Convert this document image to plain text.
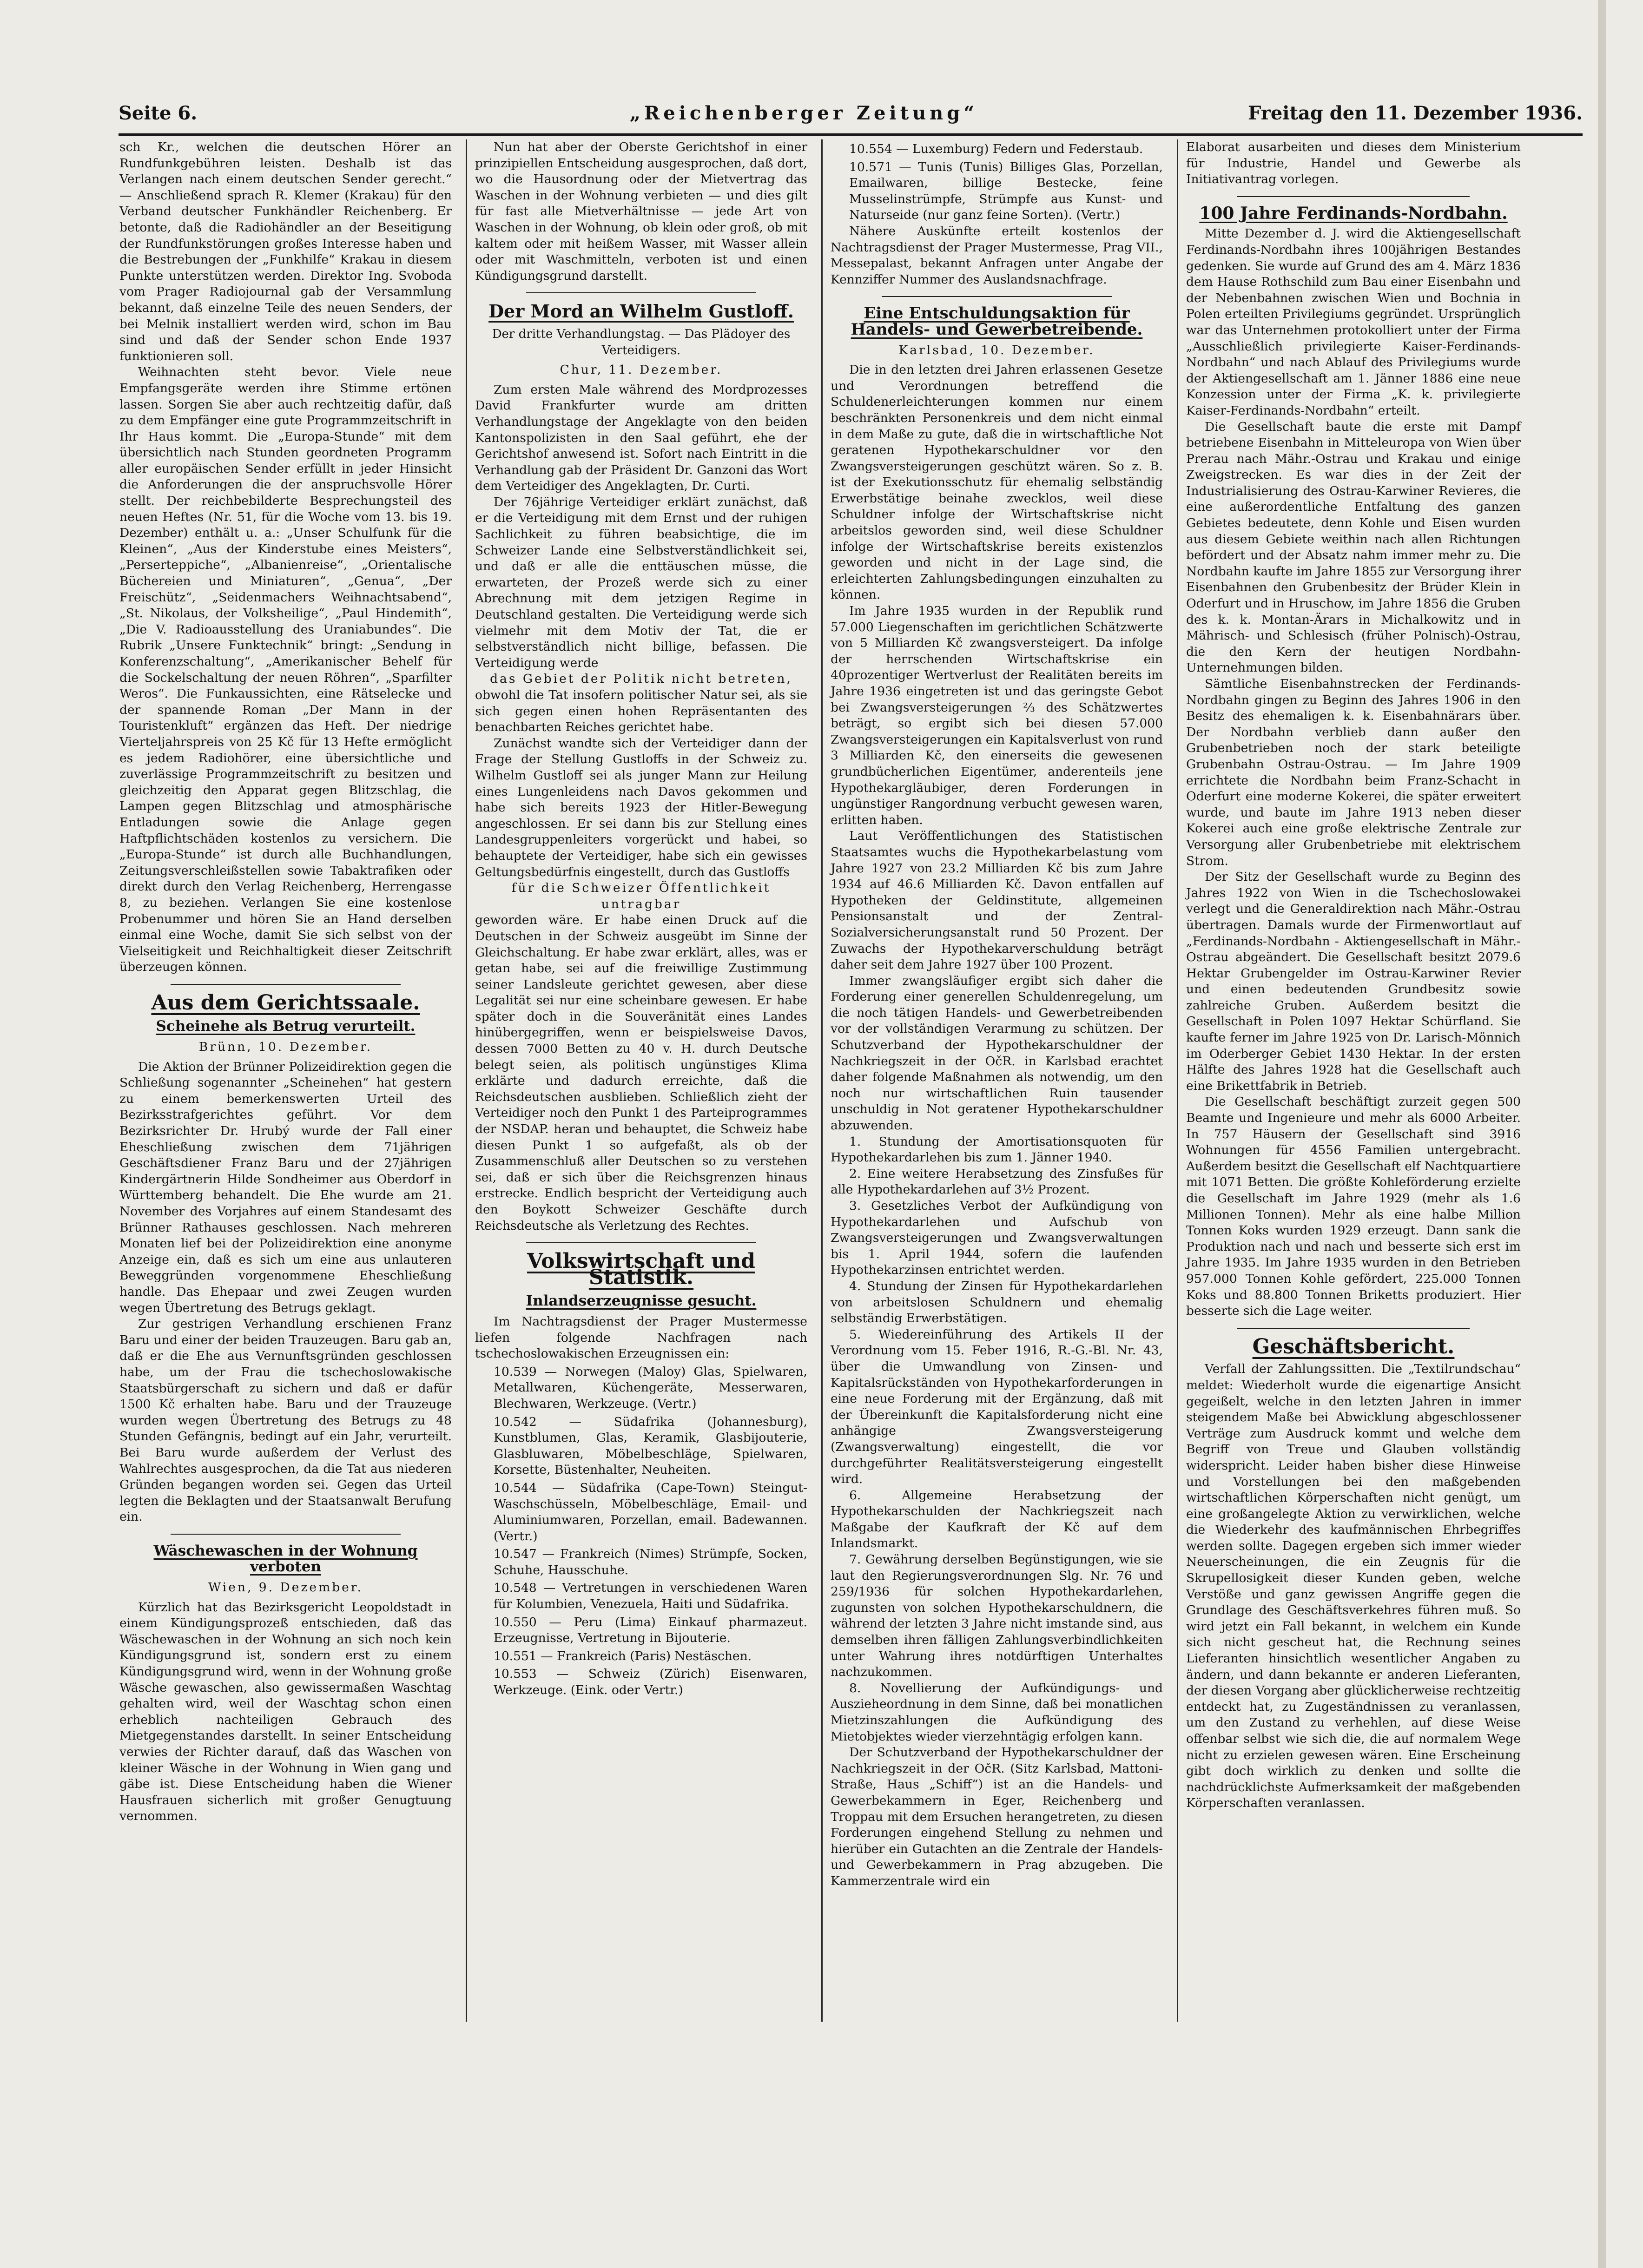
Seite 6.	„Reichenberger Zeitung“	Freitag den 11. Dezember 1936.

sch Kr., welchen die deutschen Hörer an Rundfunkgebühren leisten. Deshalb ist das Verlangen nach einem deutschen Sender gerecht.“ — Anschließend sprach R. Klemer (Krakau) für den Verband deutscher Funkhändler Reichenberg. Er betonte, daß die Radiohändler an der Beseitigung der Rundfunkstörungen großes Interesse haben und die Bestrebungen der „Funkhilfe“ Krakau in diesem Punkte unterstützen werden. Direktor Ing. Svoboda vom Prager Radiojournal gab der Versammlung bekannt, daß einzelne Teile des neuen Senders, der bei Melnik installiert werden wird, schon im Bau sind und daß der Sender schon Ende 1937 funktionieren soll.

Weihnachten steht bevor. Viele neue Empfangsgeräte werden ihre Stimme ertönen lassen. Sorgen Sie aber auch rechtzeitig dafür, daß zu dem Empfänger eine gute Programmzeitschrift in Ihr Haus kommt. Die „Europa-Stunde“ mit dem übersichtlich nach Stunden geordneten Programm aller europäischen Sender erfüllt in jeder Hinsicht die Anforderungen die der anspruchsvolle Hörer stellt. Der reichbebilderte Besprechungsteil des neuen Heftes (Nr. 51, für die Woche vom 13. bis 19. Dezember) enthält u. a.: „Unser Schulfunk für die Kleinen“, „Aus der Kinderstube eines Meisters“, „Perserteppiche“, „Albanienreise“, „Orientalische Büchereien und Miniaturen“, „Genua“, „Der Freischütz“, „Seidenmachers Weihnachtsabend“, „St. Nikolaus, der Volksheilige“, „Paul Hindemith“, „Die V. Radioausstellung des Uraniabundes“. Die Rubrik „Unsere Funktechnik“ bringt: „Sendung in Konferenzschaltung“, „Amerikanischer Behelf für die Sockelschaltung der neuen Röhren“, „Sparfilter Weros“. Die Funkaussichten, eine Rätselecke und der spannende Roman „Der Mann in der Touristenkluft“ ergänzen das Heft. Der niedrige Vierteljahrspreis von 25 Kč für 13 Hefte ermöglicht es jedem Radiohörer, eine übersichtliche und zuverlässige Programmzeitschrift zu besitzen und gleichzeitig den Apparat gegen Blitzschlag, die Lampen gegen Blitzschlag und atmosphärische Entladungen sowie die Anlage gegen Haftpflichtschäden kostenlos zu versichern. Die „Europa-Stunde“ ist durch alle Buchhandlungen, Zeitungsverschleißstellen sowie Tabaktrafiken oder direkt durch den Verlag Reichenberg, Herrengasse 8, zu beziehen. Verlangen Sie eine kostenlose Probenummer und hören Sie an Hand derselben einmal eine Woche, damit Sie sich selbst von der Vielseitigkeit und Reichhaltigkeit dieser Zeitschrift überzeugen können.

Aus dem Gerichtssaale.
Scheinehe als Betrug verurteilt.
Brünn, 10. Dezember.

Die Aktion der Brünner Polizeidirektion gegen die Schließung sogenannter „Scheinehen“ hat gestern zu einem bemerkenswerten Urteil des Bezirksstrafgerichtes geführt. Vor dem Bezirksrichter Dr. Hrubý wurde der Fall einer Eheschließung zwischen dem 71jährigen Geschäftsdiener Franz Baru und der 27jährigen Kindergärtnerin Hilde Sondheimer aus Oberdorf in Württemberg behandelt. Die Ehe wurde am 21. November des Vorjahres auf einem Standesamt des Brünner Rathauses geschlossen. Nach mehreren Monaten lief bei der Polizeidirektion eine anonyme Anzeige ein, daß es sich um eine aus unlauteren Beweggründen vorgenommene Eheschließung handle. Das Ehepaar und zwei Zeugen wurden wegen Übertretung des Betrugs geklagt.

Zur gestrigen Verhandlung erschienen Franz Baru und einer der beiden Trauzeugen. Baru gab an, daß er die Ehe aus Vernunftsgründen geschlossen habe, um der Frau die tschechoslowakische Staatsbürgerschaft zu sichern und daß er dafür 1500 Kč erhalten habe. Baru und der Trauzeuge wurden wegen Übertretung des Betrugs zu 48 Stunden Gefängnis, bedingt auf ein Jahr, verurteilt. Bei Baru wurde außerdem der Verlust des Wahlrechtes ausgesprochen, da die Tat aus niederen Gründen begangen worden sei. Gegen das Urteil legten die Beklagten und der Staatsanwalt Berufung ein.

Wäschewaschen in der Wohnung verboten
Wien, 9. Dezember.

Kürzlich hat das Bezirksgericht Leopoldstadt in einem Kündigungsprozeß entschieden, daß das Wäschewaschen in der Wohnung an sich noch kein Kündigungsgrund ist, sondern erst zu einem Kündigungsgrund wird, wenn in der Wohnung große Wäsche gewaschen, also gewissermaßen Waschtag gehalten wird, weil der Waschtag schon einen erheblich nachteiligen Gebrauch des Mietgegenstandes darstellt. In seiner Entscheidung verwies der Richter darauf, daß das Waschen von kleiner Wäsche in der Wohnung in Wien gang und gäbe ist. Diese Entscheidung haben die Wiener Hausfrauen sicherlich mit großer Genugtuung vernommen.

Nun hat aber der Oberste Gerichtshof in einer prinzipiellen Entscheidung ausgesprochen, daß dort, wo die Hausordnung oder der Mietvertrag das Waschen in der Wohnung verbieten — und dies gilt für fast alle Mietverhältnisse — jede Art von Waschen in der Wohnung, ob klein oder groß, ob mit kaltem oder mit heißem Wasser, mit Wasser allein oder mit Waschmitteln, verboten ist und einen Kündigungsgrund darstellt.

Der Mord an Wilhelm Gustloff.
Der dritte Verhandlungstag. — Das Plädoyer des Verteidigers.
Chur, 11. Dezember.

Zum ersten Male während des Mordprozesses David Frankfurter wurde am dritten Verhandlungstage der Angeklagte von den beiden Kantonspolizisten in den Saal geführt, ehe der Gerichtshof anwesend ist. Sofort nach Eintritt in die Verhandlung gab der Präsident Dr. Ganzoni das Wort dem Verteidiger des Angeklagten, Dr. Curti.

Der 76jährige Verteidiger erklärt zunächst, daß er die Verteidigung mit dem Ernst und der ruhigen Sachlichkeit zu führen beabsichtige, die im Schweizer Lande eine Selbstverständlichkeit sei, und daß er alle die enttäuschen müsse, die erwarteten, der Prozeß werde sich zu einer Abrechnung mit dem jetzigen Regime in Deutschland gestalten. Die Verteidigung werde sich vielmehr mit dem Motiv der Tat, die er selbstverständlich nicht billige, befassen. Die Verteidigung werde

das Gebiet der Politik nicht betreten,

obwohl die Tat insofern politischer Natur sei, als sie sich gegen einen hohen Repräsentanten des benachbarten Reiches gerichtet habe.

Zunächst wandte sich der Verteidiger dann der Frage der Stellung Gustloffs in der Schweiz zu. Wilhelm Gustloff sei als junger Mann zur Heilung eines Lungenleidens nach Davos gekommen und habe sich bereits 1923 der Hitler-Bewegung angeschlossen. Er sei dann bis zur Stellung eines Landesgruppenleiters vorgerückt und habei, so behauptete der Verteidiger, habe sich ein gewisses Geltungsbedürfnis eingestellt, durch das Gustloffs

für die Schweizer Öffentlichkeit untragbar

geworden wäre. Er habe einen Druck auf die Deutschen in der Schweiz ausgeübt im Sinne der Gleichschaltung. Er habe zwar erklärt, alles, was er getan habe, sei auf die freiwillige Zustimmung seiner Landsleute gerichtet gewesen, aber diese Legalität sei nur eine scheinbare gewesen. Er habe später doch in die Souveränität eines Landes hinübergegriffen, wenn er beispielsweise Davos, dessen 7000 Betten zu 40 v. H. durch Deutsche belegt seien, als politisch ungünstiges Klima erklärte und dadurch erreichte, daß die Reichsdeutschen ausblieben. Schließlich zieht der Verteidiger noch den Punkt 1 des Parteiprogrammes der NSDAP. heran und behauptet, die Schweiz habe diesen Punkt 1 so aufgefaßt, als ob der Zusammenschluß aller Deutschen so zu verstehen sei, daß er sich über die Reichsgrenzen hinaus erstrecke. Endlich bespricht der Verteidigung auch den Boykott Schweizer Geschäfte durch Reichsdeutsche als Verletzung des Rechtes.

Volkswirtschaft und Statistik.
Inlandserzeugnisse gesucht.

Im Nachtragsdienst der Prager Mustermesse liefen folgende Nachfragen nach tschechoslowakischen Erzeugnissen ein:

10.539 — Norwegen (Maloy) Glas, Spielwaren, Metallwaren, Küchengeräte, Messerwaren, Blechwaren, Werkzeuge. (Vertr.)

10.542 — Südafrika (Johannesburg), Kunstblumen, Glas, Keramik, Glasbijouterie, Glasbluwaren, Möbelbeschläge, Spielwaren, Korsette, Büstenhalter, Neuheiten.

10.544 — Südafrika (Cape-Town) Steingut-Waschschüsseln, Möbelbeschläge, Email- und Aluminiumwaren, Porzellan, email. Badewannen. (Vertr.)

10.547 — Frankreich (Nimes) Strümpfe, Socken, Schuhe, Hausschuhe.

10.548 — Vertretungen in verschiedenen Waren für Kolumbien, Venezuela, Haiti und Südafrika.

10.550 — Peru (Lima) Einkauf pharmazeut. Erzeugnisse, Vertretung in Bijouterie.

10.551 — Frankreich (Paris) Nestäschen.

10.553 — Schweiz (Zürich) Eisenwaren, Werkzeuge. (Eink. oder Vertr.)

10.554 — Luxemburg) Federn und Federstaub.

10.571 — Tunis (Tunis) Billiges Glas, Porzellan, Emailwaren, billige Bestecke, feine Musselinstrümpfe, Strümpfe aus Kunst- und Naturseide (nur ganz feine Sorten). (Vertr.)

Nähere Auskünfte erteilt kostenlos der Nachtragsdienst der Prager Mustermesse, Prag VII., Messepalast, bekannt Anfragen unter Angabe der Kennziffer Nummer des Auslandsnachfrage.

Eine Entschuldungsaktion für Handels- und Gewerbetreibende.
Karlsbad, 10. Dezember.

Die in den letzten drei Jahren erlassenen Gesetze und Verordnungen betreffend die Schuldenerleichterungen kommen nur einem beschränkten Personenkreis und dem nicht einmal in dem Maße zu gute, daß die in wirtschaftliche Not geratenen Hypothekarschuldner vor den Zwangsversteigerungen geschützt wären. So z. B. ist der Exekutionsschutz für ehemalig selbständig Erwerbstätige beinahe zwecklos, weil diese Schuldner infolge der Wirtschaftskrise nicht arbeitslos geworden sind, weil diese Schuldner infolge der Wirtschaftskrise bereits existenzlos geworden und nicht in der Lage sind, die erleichterten Zahlungsbedingungen einzuhalten zu können.

Im Jahre 1935 wurden in der Republik rund 57.000 Liegenschaften im gerichtlichen Schätzwerte von 5 Milliarden Kč zwangsversteigert. Da infolge der herrschenden Wirtschaftskrise ein 40prozentiger Wertverlust der Realitäten bereits im Jahre 1936 eingetreten ist und das geringste Gebot bei Zwangsversteigerungen ⅔ des Schätzwertes beträgt, so ergibt sich bei diesen 57.000 Zwangsversteigerungen ein Kapitalsverlust von rund 3 Milliarden Kč, den einerseits die gewesenen grundbücherlichen Eigentümer, anderenteils jene Hypothekargläubiger, deren Forderungen in ungünstiger Rangordnung verbucht gewesen waren, erlitten haben.

Laut Veröffentlichungen des Statistischen Staatsamtes wuchs die Hypothekarbelastung vom Jahre 1927 von 23.2 Milliarden Kč bis zum Jahre 1934 auf 46.6 Milliarden Kč. Davon entfallen auf Hypotheken der Geldinstitute, allgemeinen Pensionsanstalt und der Zentral-Sozialversicherungsanstalt rund 50 Prozent. Der Zuwachs der Hypothekarverschuldung beträgt daher seit dem Jahre 1927 über 100 Prozent.

Immer zwangsläufiger ergibt sich daher die Forderung einer generellen Schuldenregelung, um die noch tätigen Handels- und Gewerbetreibenden vor der vollständigen Verarmung zu schützen. Der Schutzverband der Hypothekarschuldner der Nachkriegszeit in der OčR. in Karlsbad erachtet daher folgende Maßnahmen als notwendig, um den noch nur wirtschaftlichen Ruin tausender unschuldig in Not geratener Hypothekarschuldner abzuwenden.

1. Stundung der Amortisationsquoten für Hypothekardarlehen bis zum 1. Jänner 1940.

2. Eine weitere Herabsetzung des Zinsfußes für alle Hypothekardarlehen auf 3½ Prozent.

3. Gesetzliches Verbot der Aufkündigung von Hypothekardarlehen und Aufschub von Zwangsversteigerungen und Zwangsverwaltungen bis 1. April 1944, sofern die laufenden Hypothekarzinsen entrichtet werden.

4. Stundung der Zinsen für Hypothekardarlehen von arbeitslosen Schuldnern und ehemalig selbständig Erwerbstätigen.

5. Wiedereinführung des Artikels II der Verordnung vom 15. Feber 1916, R.-G.-Bl. Nr. 43, über die Umwandlung von Zinsen- und Kapitalsrückständen von Hypothekarforderungen in eine neue Forderung mit der Ergänzung, daß mit der Übereinkunft die Kapitalsforderung nicht eine anhängige Zwangsversteigerung (Zwangsverwaltung) eingestellt, die vor durchgeführter Realitätsversteigerung eingestellt wird.

6. Allgemeine Herabsetzung der Hypothekarschulden der Nachkriegszeit nach Maßgabe der Kaufkraft der Kč auf dem Inlandsmarkt.

7. Gewährung derselben Begünstigungen, wie sie laut den Regierungsverordnungen Slg. Nr. 76 und 259/1936 für solchen Hypothekardarlehen, zugunsten von solchen Hypothekarschuldnern, die während der letzten 3 Jahre nicht imstande sind, aus demselben ihren fälligen Zahlungsverbindlichkeiten unter Wahrung ihres notdürftigen Unterhaltes nachzukommen.

8. Novellierung der Aufkündigungs- und Auszieheordnung in dem Sinne, daß bei monatlichen Mietzinszahlungen die Aufkündigung des Mietobjektes wieder vierzehntägig erfolgen kann.

Der Schutzverband der Hypothekarschuldner der Nachkriegszeit in der OčR. (Sitz Karlsbad, Mattoni-Straße, Haus „Schiff“) ist an die Handels- und Gewerbekammern in Eger, Reichenberg und Troppau mit dem Ersuchen herangetreten, zu diesen Forderungen eingehend Stellung zu nehmen und hierüber ein Gutachten an die Zentrale der Handels- und Gewerbekammern in Prag abzugeben. Die Kammerzentrale wird ein

Elaborat ausarbeiten und dieses dem Ministerium für Industrie, Handel und Gewerbe als Initiativantrag vorlegen.

100 Jahre Ferdinands-Nordbahn.

Mitte Dezember d. J. wird die Aktiengesellschaft Ferdinands-Nordbahn ihres 100jährigen Bestandes gedenken. Sie wurde auf Grund des am 4. März 1836 dem Hause Rothschild zum Bau einer Eisenbahn und der Nebenbahnen zwischen Wien und Bochnia in Polen erteilten Privilegiums gegründet. Ursprünglich war das Unternehmen protokolliert unter der Firma „Ausschließlich privilegierte Kaiser-Ferdinands-Nordbahn“ und nach Ablauf des Privilegiums wurde der Aktiengesellschaft am 1. Jänner 1886 eine neue Konzession unter der Firma „K. k. privilegierte Kaiser-Ferdinands-Nordbahn“ erteilt.

Die Gesellschaft baute die erste mit Dampf betriebene Eisenbahn in Mitteleuropa von Wien über Prerau nach Mähr.-Ostrau und Krakau und einige Zweigstrecken. Es war dies in der Zeit der Industrialisierung des Ostrau-Karwiner Revieres, die eine außerordentliche Entfaltung des ganzen Gebietes bedeutete, denn Kohle und Eisen wurden aus diesem Gebiete weithin nach allen Richtungen befördert und der Absatz nahm immer mehr zu. Die Nordbahn kaufte im Jahre 1855 zur Versorgung ihrer Eisenbahnen den Grubenbesitz der Brüder Klein in Oderfurt und in Hruschow, im Jahre 1856 die Gruben des k. k. Montan-Ärars in Michalkowitz und in Mährisch- und Schlesisch (früher Polnisch)-Ostrau, die den Kern der heutigen Nordbahn-Unternehmungen bilden.

Sämtliche Eisenbahnstrecken der Ferdinands-Nordbahn gingen zu Beginn des Jahres 1906 in den Besitz des ehemaligen k. k. Eisenbahnärars über. Der Nordbahn verblieb dann außer den Grubenbetrieben noch der stark beteiligte Grubenbahn Ostrau-Ostrau. — Im Jahre 1909 errichtete die Nordbahn beim Franz-Schacht in Oderfurt eine moderne Kokerei, die später erweitert wurde, und baute im Jahre 1913 neben dieser Kokerei auch eine große elektrische Zentrale zur Versorgung aller Grubenbetriebe mit elektrischem Strom.

Der Sitz der Gesellschaft wurde zu Beginn des Jahres 1922 von Wien in die Tschechoslowakei verlegt und die Generaldirektion nach Mähr.-Ostrau übertragen. Damals wurde der Firmenwortlaut auf „Ferdinands-Nordbahn - Aktiengesellschaft in Mähr.-Ostrau abgeändert. Die Gesellschaft besitzt 2079.6 Hektar Grubengelder im Ostrau-Karwiner Revier und einen bedeutenden Grundbesitz sowie zahlreiche Gruben. Außerdem besitzt die Gesellschaft in Polen 1097 Hektar Schürfland. Sie kaufte ferner im Jahre 1925 von Dr. Larisch-Mönnich im Oderberger Gebiet 1430 Hektar. In der ersten Hälfte des Jahres 1928 hat die Gesellschaft auch eine Brikettfabrik in Betrieb.

Die Gesellschaft beschäftigt zurzeit gegen 500 Beamte und Ingenieure und mehr als 6000 Arbeiter. In 757 Häusern der Gesellschaft sind 3916 Wohnungen für 4556 Familien untergebracht. Außerdem besitzt die Gesellschaft elf Nachtquartiere mit 1071 Betten. Die größte Kohleförderung erzielte die Gesellschaft im Jahre 1929 (mehr als 1.6 Millionen Tonnen). Mehr als eine halbe Million Tonnen Koks wurden 1929 erzeugt. Dann sank die Produktion nach und nach und besserte sich erst im Jahre 1935. Im Jahre 1935 wurden in den Betrieben 957.000 Tonnen Kohle gefördert, 225.000 Tonnen Koks und 88.800 Tonnen Briketts produziert. Hier besserte sich die Lage weiter.

Geschäftsbericht.

Verfall der Zahlungssitten. Die „Textilrundschau“ meldet: Wiederholt wurde die eigenartige Ansicht gegeißelt, welche in den letzten Jahren in immer steigendem Maße bei Abwicklung abgeschlossener Verträge zum Ausdruck kommt und welche dem Begriff von Treue und Glauben vollständig widerspricht. Leider haben bisher diese Hinweise und Vorstellungen bei den maßgebenden wirtschaftlichen Körperschaften nicht genügt, um eine großangelegte Aktion zu verwirklichen, welche die Wiederkehr des kaufmännischen Ehrbegriffes werden sollte. Dagegen ergeben sich immer wieder Neuerscheinungen, die ein Zeugnis für die Skrupellosigkeit dieser Kunden geben, welche Verstöße und ganz gewissen Angriffe gegen die Grundlage des Geschäftsverkehres führen muß. So wird jetzt ein Fall bekannt, in welchem ein Kunde sich nicht gescheut hat, die Rechnung seines Lieferanten hinsichtlich wesentlicher Angaben zu ändern, und dann bekannte er anderen Lieferanten, der diesen Vorgang aber glücklicherweise rechtzeitig entdeckt hat, zu Zugeständnissen zu veranlassen, um den Zustand zu verhehlen, auf diese Weise offenbar selbst wie sich die, die auf normalem Wege nicht zu erzielen gewesen wären. Eine Erscheinung gibt doch wirklich zu denken und sollte die nachdrücklichste Aufmerksamkeit der maßgebenden Körperschaften veranlassen.
